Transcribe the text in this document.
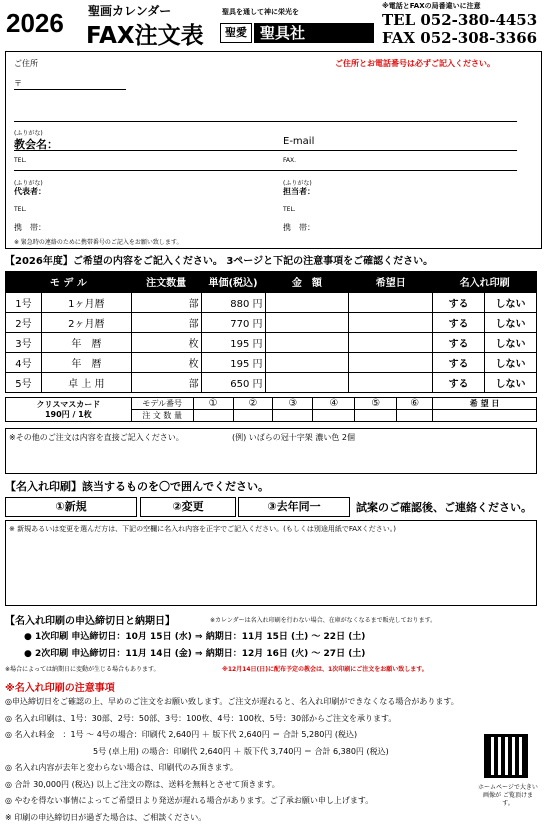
2026 聖画カレンダー
FAX注文表
聖具を通して神に栄光を
聖愛 聖具社
※電話とFAXの局番違いに注意
TEL 052-380-4453
FAX 052-308-3366
ご住所	ご住所とお電話番号は必ずご記入ください。
〒
(ふりがな)
教会名：	E-mail
TEL.	FAX.
(ふりがな)	(ふりがな)
代表者：	担当者：
TEL.	TEL.
携　帯：	携　帯：
※ 緊急時の連絡のために携帯番号のご記入をお願い致します。
【2026年度】ご希望の内容をご記入ください。 3ページと下記の注意事項をご確認ください。
モ デ ル	注文数量	単価(税込)	金　額	希望日	名入れ印刷
1号	1ヶ月暦	部	880 円			する	しない
2号	2ヶ月暦	部	770 円			する	しない
3号	年　暦	枚	195 円			する	しない
4号	年　暦	枚	195 円			する	しない
5号	卓 上 用	部	650 円			する	しない
クリスマスカード
190円 / 1枚	モデル番号	①	②	③	④	⑤	⑥	希 望 日
	注 文 数 量							
※その他のご注文は内容を直接ご記入ください。	(例) いばらの冠十字架 濃い色 2個
【名入れ印刷】該当するものを〇で囲んでください。
①新規	②変更	③去年同一	試案のご確認後、ご連絡ください。
※ 新規あるいは変更を選んだ方は、下記の空欄に名入れ内容を正字でご記入ください。(もしくは別途用紙でFAXください。)
【名入れ印刷の申込締切日と納期日】	※カレンダーは名入れ印刷を行わない場合、在庫がなくなるまで販売しております。
● 1次印刷 申込締切日：10月 15日 (水) ⇒ 納期日：11月 15日 (土) ～ 22日 (土)
● 2次印刷 申込締切日：11月 14日 (金) ⇒ 納期日：12月 16日 (火) ～ 27日 (土)
※場合によっては納期日に変動が生じる場合もあります。	※12月14日(日)に配布予定の教会は、1次印刷にご注文をお願い致します。
※名入れ印刷の注意事項
◎申込締切日をご確認の上、早めのご注文をお願い致します。ご注文が遅れると、名入れ印刷ができなくなる場合があります。
◎ 名入れ印刷は、1号：30部、2号：50部、3号：100枚、4号：100枚、5号：30部からご注文を承ります。
◎ 名入れ料金　：1号 ～ 4号の場合：印刷代 2,640円 ＋ 版下代 2,640円 ＝ 合計 5,280円 (税込)
5号 (卓上用) の場合：印刷代 2,640円 ＋ 版下代 3,740円 ＝ 合計 6,380円 (税込)
◎ 名入れ内容が去年と変わらない場合は、印刷代のみ頂きます。
◎ 合計 30,000円 (税込) 以上ご注文の際は、送料を無料とさせて頂きます。
◎ やむを得ない事情によってご希望日より発送が遅れる場合があります。ご了承お願い申し上げます。
※ 印刷の申込締切日が過ぎた場合は、ご相談ください。
ホームページで大きい画像が ご覧頂けます。
